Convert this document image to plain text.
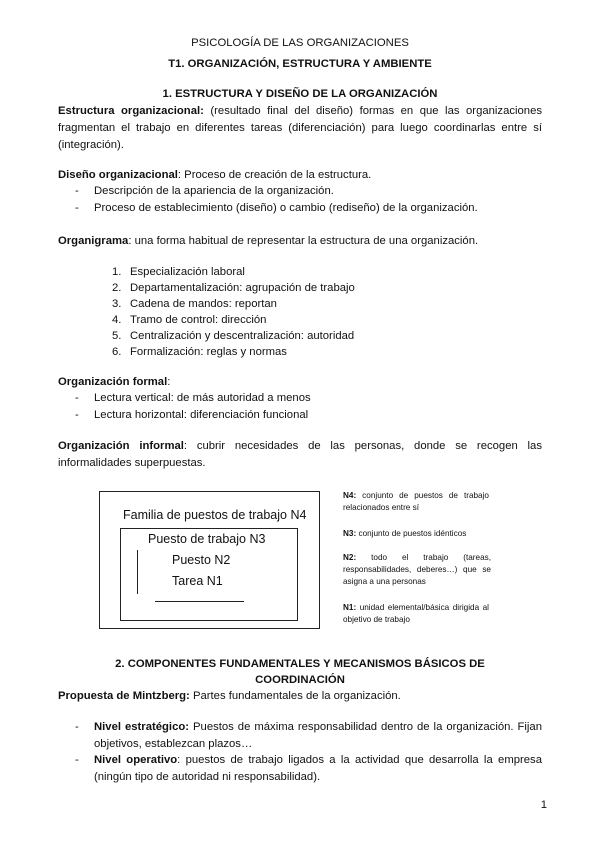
PSICOLOGÍA DE LAS ORGANIZACIONES
T1. ORGANIZACIÓN, ESTRUCTURA Y AMBIENTE
1. ESTRUCTURA Y DISEÑO DE LA ORGANIZACIÓN
Estructura organizacional: (resultado final del diseño) formas en que las organizaciones fragmentan el trabajo en diferentes tareas (diferenciación) para luego coordinarlas entre sí (integración).
Diseño organizacional: Proceso de creación de la estructura.
- Descripción de la apariencia de la organización.
- Proceso de establecimiento (diseño) o cambio (rediseño) de la organización.
Organigrama: una forma habitual de representar la estructura de una organización.
1. Especialización laboral
2. Departamentalización: agrupación de trabajo
3. Cadena de mandos: reportan
4. Tramo de control: dirección
5. Centralización y descentralización: autoridad
6. Formalización: reglas y normas
Organización formal:
- Lectura vertical: de más autoridad a menos
- Lectura horizontal: diferenciación funcional
Organización informal: cubrir necesidades de las personas, donde se recogen las informalidades superpuestas.
Familia de puestos de trabajo N4
Puesto de trabajo N3
Puesto N2
Tarea N1
N4: conjunto de puestos de trabajo relacionados entre sí
N3: conjunto de puestos idénticos
N2: todo el trabajo (tareas, responsabilidades, deberes…) que se asigna a una personas
N1: unidad elemental/básica dirigida al objetivo de trabajo
2. COMPONENTES FUNDAMENTALES Y MECANISMOS BÁSICOS DE
COORDINACIÓN
Propuesta de Mintzberg: Partes fundamentales de la organización.
- Nivel estratégico: Puestos de máxima responsabilidad dentro de la organización. Fijan objetivos, establezcan plazos…
- Nivel operativo: puestos de trabajo ligados a la actividad que desarrolla la empresa (ningún tipo de autoridad ni responsabilidad).
1
